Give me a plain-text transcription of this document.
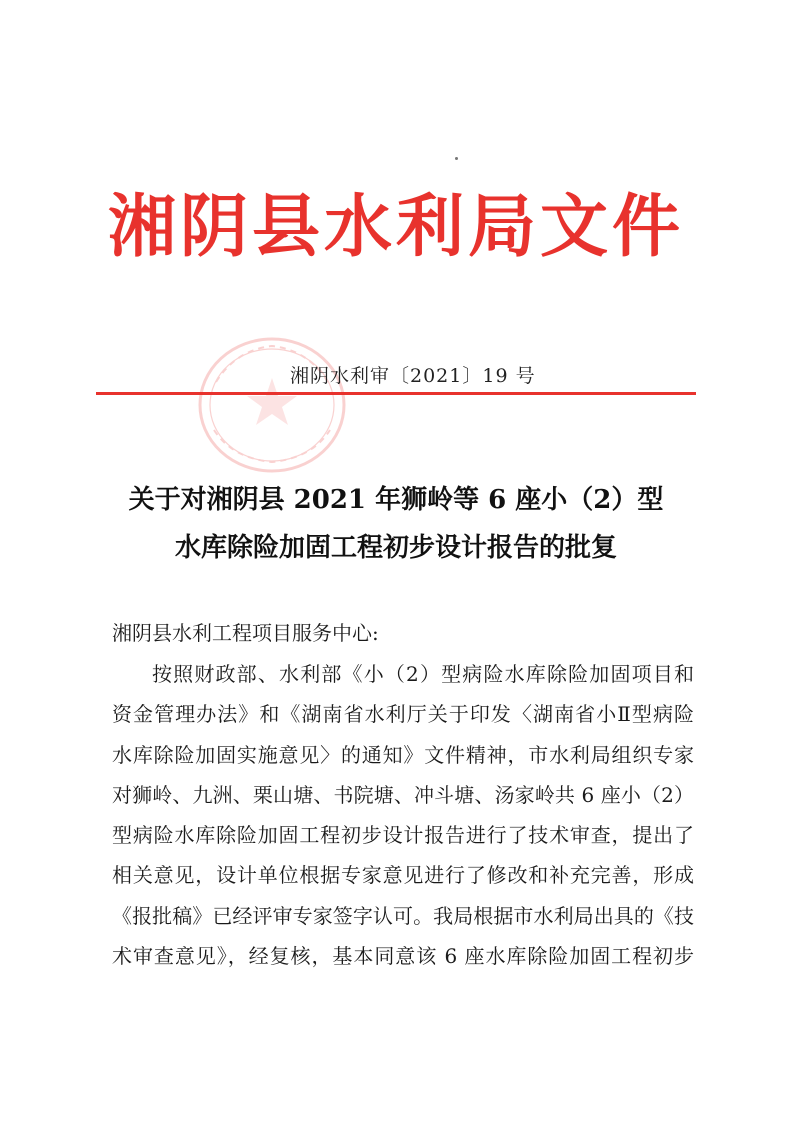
湘阴县水利局文件
湘阴水利审〔2021〕19 号
关于对湘阴县 2021 年狮岭等 6 座小（2）型
水库除险加固工程初步设计报告的批复
湘阴县水利工程项目服务中心:
按照财政部、水利部《小（2）型病险水库除险加固项目和
资金管理办法》和《湖南省水利厅关于印发〈湖南省小Ⅱ型病险
水库除险加固实施意见〉的通知》文件精神，市水利局组织专家
对狮岭、九洲、栗山塘、书院塘、冲斗塘、汤家岭共 6 座小（2）
型病险水库除险加固工程初步设计报告进行了技术审查，提出了
相关意见，设计单位根据专家意见进行了修改和补充完善，形成
《报批稿》已经评审专家签字认可。我局根据市水利局出具的《技
术审查意见》，经复核，基本同意该 6 座水库除险加固工程初步
